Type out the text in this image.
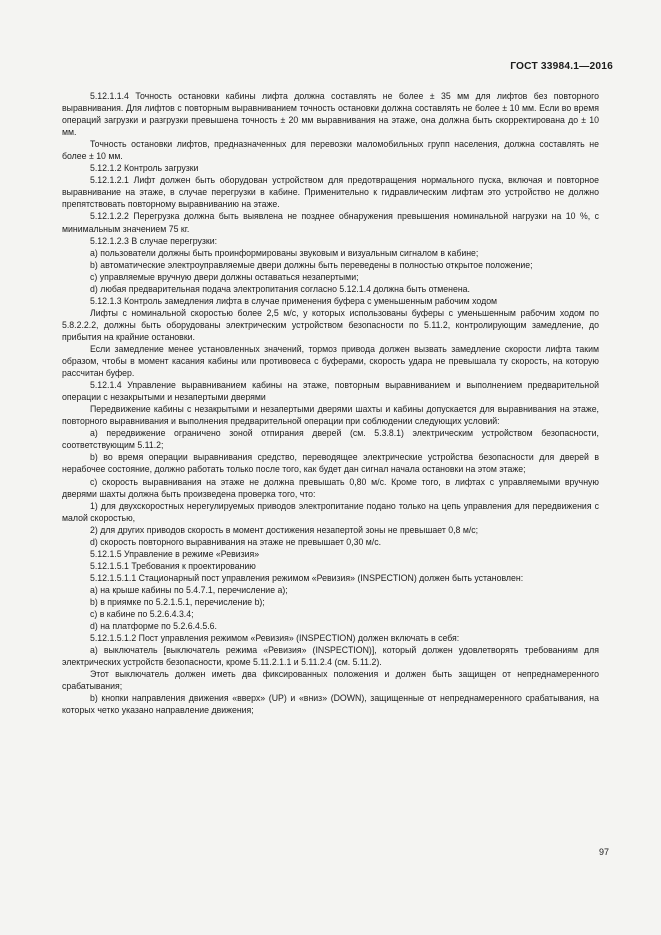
ГОСТ 33984.1—2016

5.12.1.1.4 Точность остановки кабины лифта должна составлять не более ± 35 мм для лифтов без повторного выравнивания. Для лифтов с повторным выравниванием точность остановки должна составлять не более ± 10 мм. Если во время операций загрузки и разгрузки превышена точность ± 20 мм выравнивания на этаже, она должна быть скорректирована до ± 10 мм.

Точность остановки лифтов, предназначенных для перевозки маломобильных групп населения, должна составлять не более ± 10 мм.

5.12.1.2 Контроль загрузки

5.12.1.2.1 Лифт должен быть оборудован устройством для предотвращения нормального пуска, включая и повторное выравнивание на этаже, в случае перегрузки в кабине. Применительно к гидравлическим лифтам это устройство не должно препятствовать повторному выравниванию на этаже.

5.12.1.2.2 Перегрузка должна быть выявлена не позднее обнаружения превышения номинальной нагрузки на 10 %, с минимальным значением 75 кг.

5.12.1.2.3 В случае перегрузки:

a) пользователи должны быть проинформированы звуковым и визуальным сигналом в кабине;

b) автоматические электроуправляемые двери должны быть переведены в полностью открытое положение;

c) управляемые вручную двери должны оставаться незапертыми;

d) любая предварительная подача электропитания согласно 5.12.1.4 должна быть отменена.

5.12.1.3 Контроль замедления лифта в случае применения буфера с уменьшенным рабочим ходом

Лифты с номинальной скоростью более 2,5 м/с, у которых использованы буферы с уменьшенным рабочим ходом по 5.8.2.2.2, должны быть оборудованы электрическим устройством безопасности по 5.11.2, контролирующим замедление, до прибытия на крайние остановки.

Если замедление менее установленных значений, тормоз привода должен вызвать замедление скорости лифта таким образом, чтобы в момент касания кабины или противовеса с буферами, скорость удара не превышала ту скорость, на которую рассчитан буфер.

5.12.1.4 Управление выравниванием кабины на этаже, повторным выравниванием и выполнением предварительной операции с незакрытыми и незапертыми дверями

Передвижение кабины с незакрытыми и незапертыми дверями шахты и кабины допускается для выравнивания на этаже, повторного выравнивания и выполнения предварительной операции при соблюдении следующих условий:

a) передвижение ограничено зоной отпирания дверей (см. 5.3.8.1) электрическим устройством безопасности, соответствующим 5.11.2;

b) во время операции выравнивания средство, переводящее электрические устройства безопасности для дверей в нерабочее состояние, должно работать только после того, как будет дан сигнал начала остановки на этом этаже;

c) скорость выравнивания на этаже не должна превышать 0,80 м/с. Кроме того, в лифтах с управляемыми вручную дверями шахты должна быть произведена проверка того, что:

1) для двухскоростных нерегулируемых приводов электропитание подано только на цепь управления для передвижения с малой скоростью,

2) для других приводов скорость в момент достижения незапертой зоны не превышает 0,8 м/с;

d) скорость повторного выравнивания на этаже не превышает 0,30 м/с.

5.12.1.5 Управление в режиме «Ревизия»

5.12.1.5.1 Требования к проектированию

5.12.1.5.1.1 Стационарный пост управления режимом «Ревизия» (INSPECTION) должен быть установлен:

a) на крыше кабины по 5.4.7.1, перечисление a);

b) в приямке по 5.2.1.5.1, перечисление b);

c) в кабине по 5.2.6.4.3.4;

d) на платформе по 5.2.6.4.5.6.

5.12.1.5.1.2 Пост управления режимом «Ревизия» (INSPECTION) должен включать в себя:

a) выключатель [выключатель режима «Ревизия» (INSPECTION)], который должен удовлетворять требованиям для электрических устройств безопасности, кроме 5.11.2.1.1 и 5.11.2.4 (см. 5.11.2).

Этот выключатель должен иметь два фиксированных положения и должен быть защищен от непреднамеренного срабатывания;

b) кнопки направления движения «вверх» (UP) и «вниз» (DOWN), защищенные от непреднамеренного срабатывания, на которых четко указано направление движения;

97
